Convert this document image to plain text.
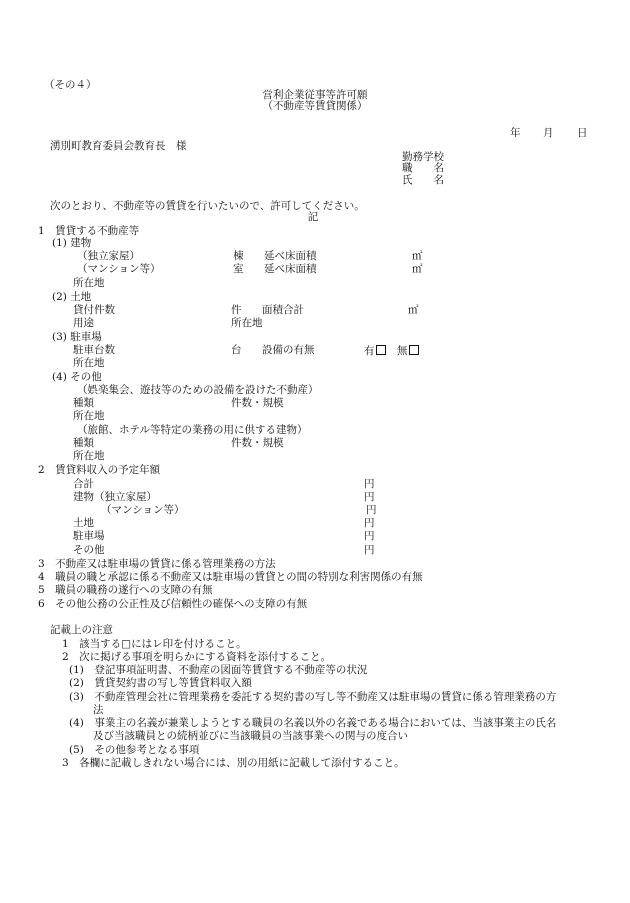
（その４）
営利企業従事等許可願
（不動産等賃貸関係）
年 月 日
湧別町教育委員会教育長　様
勤務学校
職　　名
氏　　名
次のとおり、不動産等の賃貸を行いたいので、許可してください。
記
1　賃貸する不動産等
(1) 建物
（独立家屋）	棟 延べ床面積	㎡
（マンション等）	室 延べ床面積	㎡
所在地
(2) 土地
貸付件数	件 面積合計	㎡
用途	所在地
(3) 駐車場
駐車台数	台 設備の有無	有	無
所在地
(4) その他
（娯楽集会、遊技等のための設備を設けた不動産）
種類	件数・規模
所在地
（旅館、ホテル等特定の業務の用に供する建物）
種類	件数・規模
所在地
2　賃貸料収入の予定年額
合計	円
建物（独立家屋）	円
（マンション等）	円
土地	円
駐車場	円
その他	円
3　不動産又は駐車場の賃貸に係る管理業務の方法
4　職員の職と承認に係る不動産又は駐車場の賃貸との間の特別な利害関係の有無
5　職員の職務の遂行への支障の有無
6　その他公務の公正性及び信頼性の確保への支障の有無
記載上の注意
1　該当する□にはレ印を付けること。
2　次に掲げる事項を明らかにする資料を添付すること。
(1)　登記事項証明書、不動産の図面等賃貸する不動産等の状況
(2)　賃貸契約書の写し等賃貸料収入額
(3)　不動産管理会社に管理業務を委託する契約書の写し等不動産又は駐車場の賃貸に係る管理業務の方
法
(4)　事業主の名義が兼業しようとする職員の名義以外の名義である場合においては、当該事業主の氏名
及び当該職員との続柄並びに当該職員の当該事業への関与の度合い
(5)　その他参考となる事項
3　各欄に記載しきれない場合には、別の用紙に記載して添付すること。
